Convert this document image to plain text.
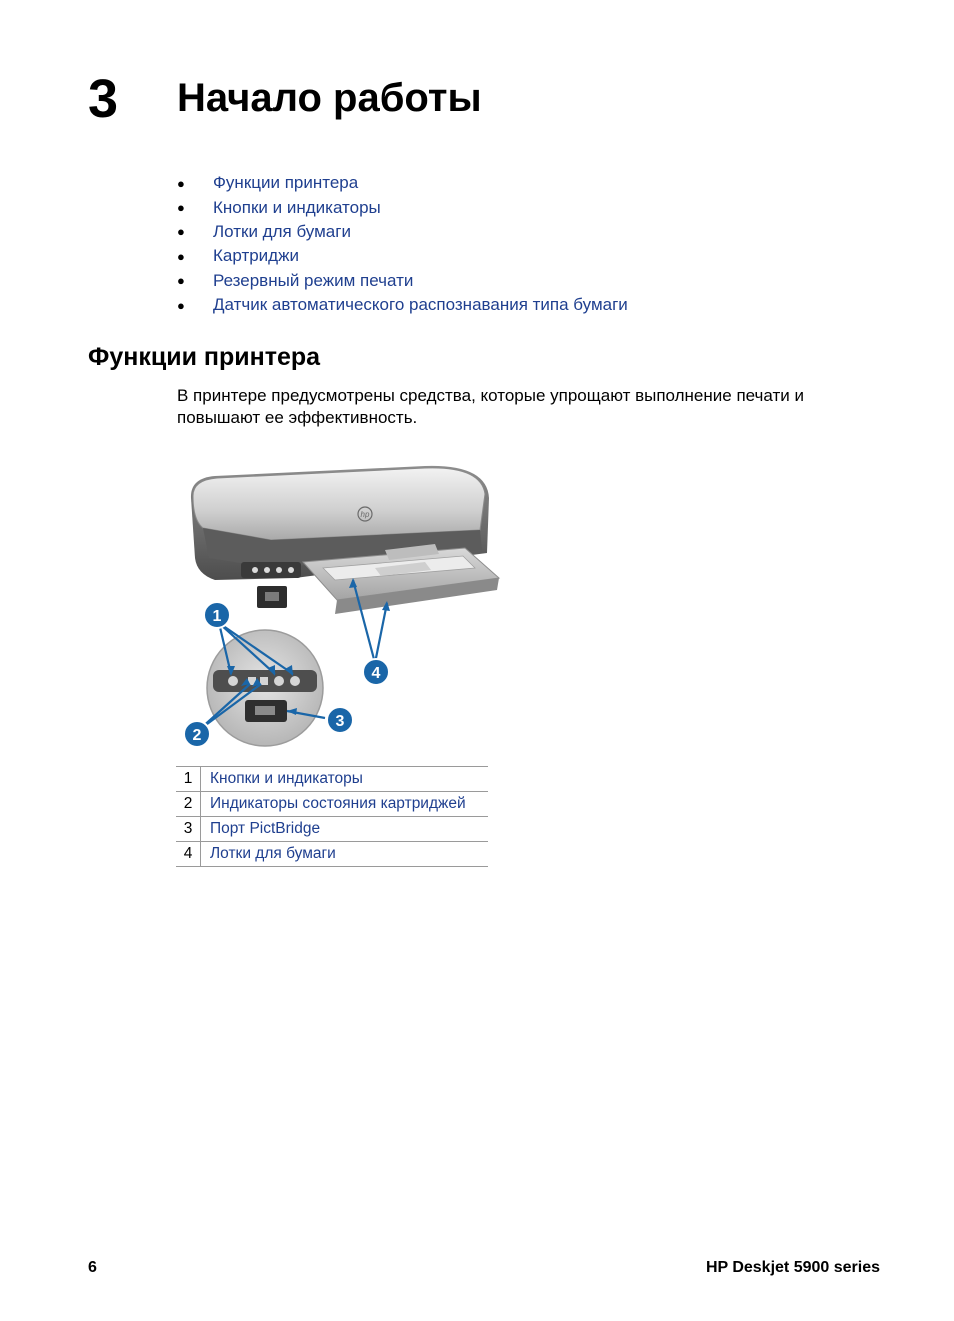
3 Начало работы
●	Функции принтера
●	Кнопки и индикаторы
●	Лотки для бумаги
●	Картриджи
●	Резервный режим печати
●	Датчик автоматического распознавания типа бумаги
Функции принтера
В принтере предусмотрены средства, которые упрощают выполнение печати и повышают ее эффективность.
hp
1
2
3
4
1	Кнопки и индикаторы
2	Индикаторы состояния картриджей
3	Порт PictBridge
4	Лотки для бумаги
6	HP Deskjet 5900 series
